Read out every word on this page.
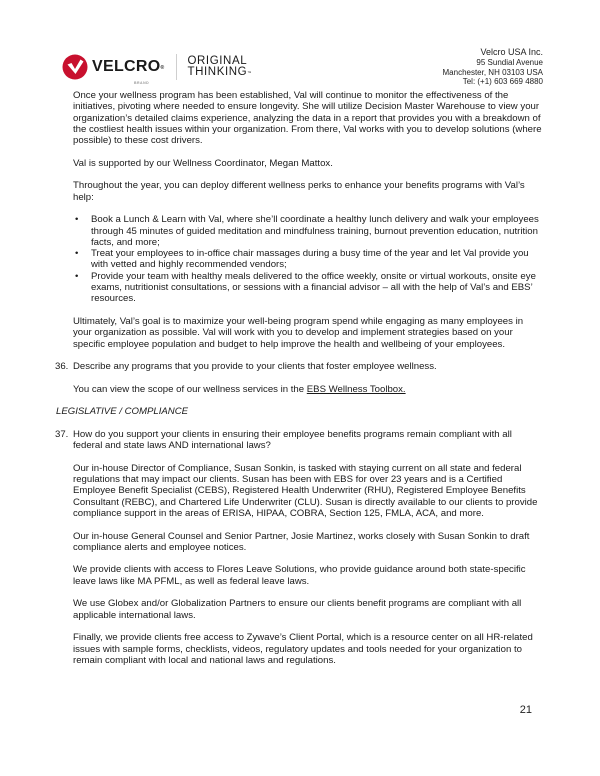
VELCRO®
BRAND
ORIGINAL
THINKING™
Velcro USA Inc.
95 Sundial Avenue
Manchester, NH 03103 USA
Tel: (+1) 603 669 4880

Once your wellness program has been established, Val will continue to monitor the effectiveness of the initiatives, pivoting where needed to ensure longevity. She will utilize Decision Master Warehouse to view your organization’s detailed claims experience, analyzing the data in a report that provides you with a breakdown of the costliest health issues within your organization. From there, Val works with you to develop solutions (where possible) to these cost drivers.

Val is supported by our Wellness Coordinator, Megan Mattox.

Throughout the year, you can deploy different wellness perks to enhance your benefits programs with Val’s help:

• Book a Lunch & Learn with Val, where she’ll coordinate a healthy lunch delivery and walk your employees through 45 minutes of guided meditation and mindfulness training, burnout prevention education, nutrition facts, and more;
• Treat your employees to in-office chair massages during a busy time of the year and let Val provide you with vetted and highly recommended vendors;
• Provide your team with healthy meals delivered to the office weekly, onsite or virtual workouts, onsite eye exams, nutritionist consultations, or sessions with a financial advisor – all with the help of Val’s and EBS’ resources.

Ultimately, Val’s goal is to maximize your well-being program spend while engaging as many employees in your organization as possible. Val will work with you to develop and implement strategies based on your specific employee population and budget to help improve the health and wellbeing of your employees.

36. Describe any programs that you provide to your clients that foster employee wellness.

You can view the scope of our wellness services in the EBS Wellness Toolbox.

LEGISLATIVE / COMPLIANCE

37. How do you support your clients in ensuring their employee benefits programs remain compliant with all federal and state laws AND international laws?

Our in-house Director of Compliance, Susan Sonkin, is tasked with staying current on all state and federal regulations that may impact our clients. Susan has been with EBS for over 23 years and is a Certified Employee Benefit Specialist (CEBS), Registered Health Underwriter (RHU), Registered Employee Benefits Consultant (REBC), and Chartered Life Underwriter (CLU). Susan is directly available to our clients to provide compliance support in the areas of ERISA, HIPAA, COBRA, Section 125, FMLA, ACA, and more.

Our in-house General Counsel and Senior Partner, Josie Martinez, works closely with Susan Sonkin to draft compliance alerts and employee notices.

We provide clients with access to Flores Leave Solutions, who provide guidance around both state-specific leave laws like MA PFML, as well as federal leave laws.

We use Globex and/or Globalization Partners to ensure our clients benefit programs are compliant with all applicable international laws.

Finally, we provide clients free access to Zywave’s Client Portal, which is a resource center on all HR-related issues with sample forms, checklists, videos, regulatory updates and tools needed for your organization to remain compliant with local and national laws and regulations.

21
